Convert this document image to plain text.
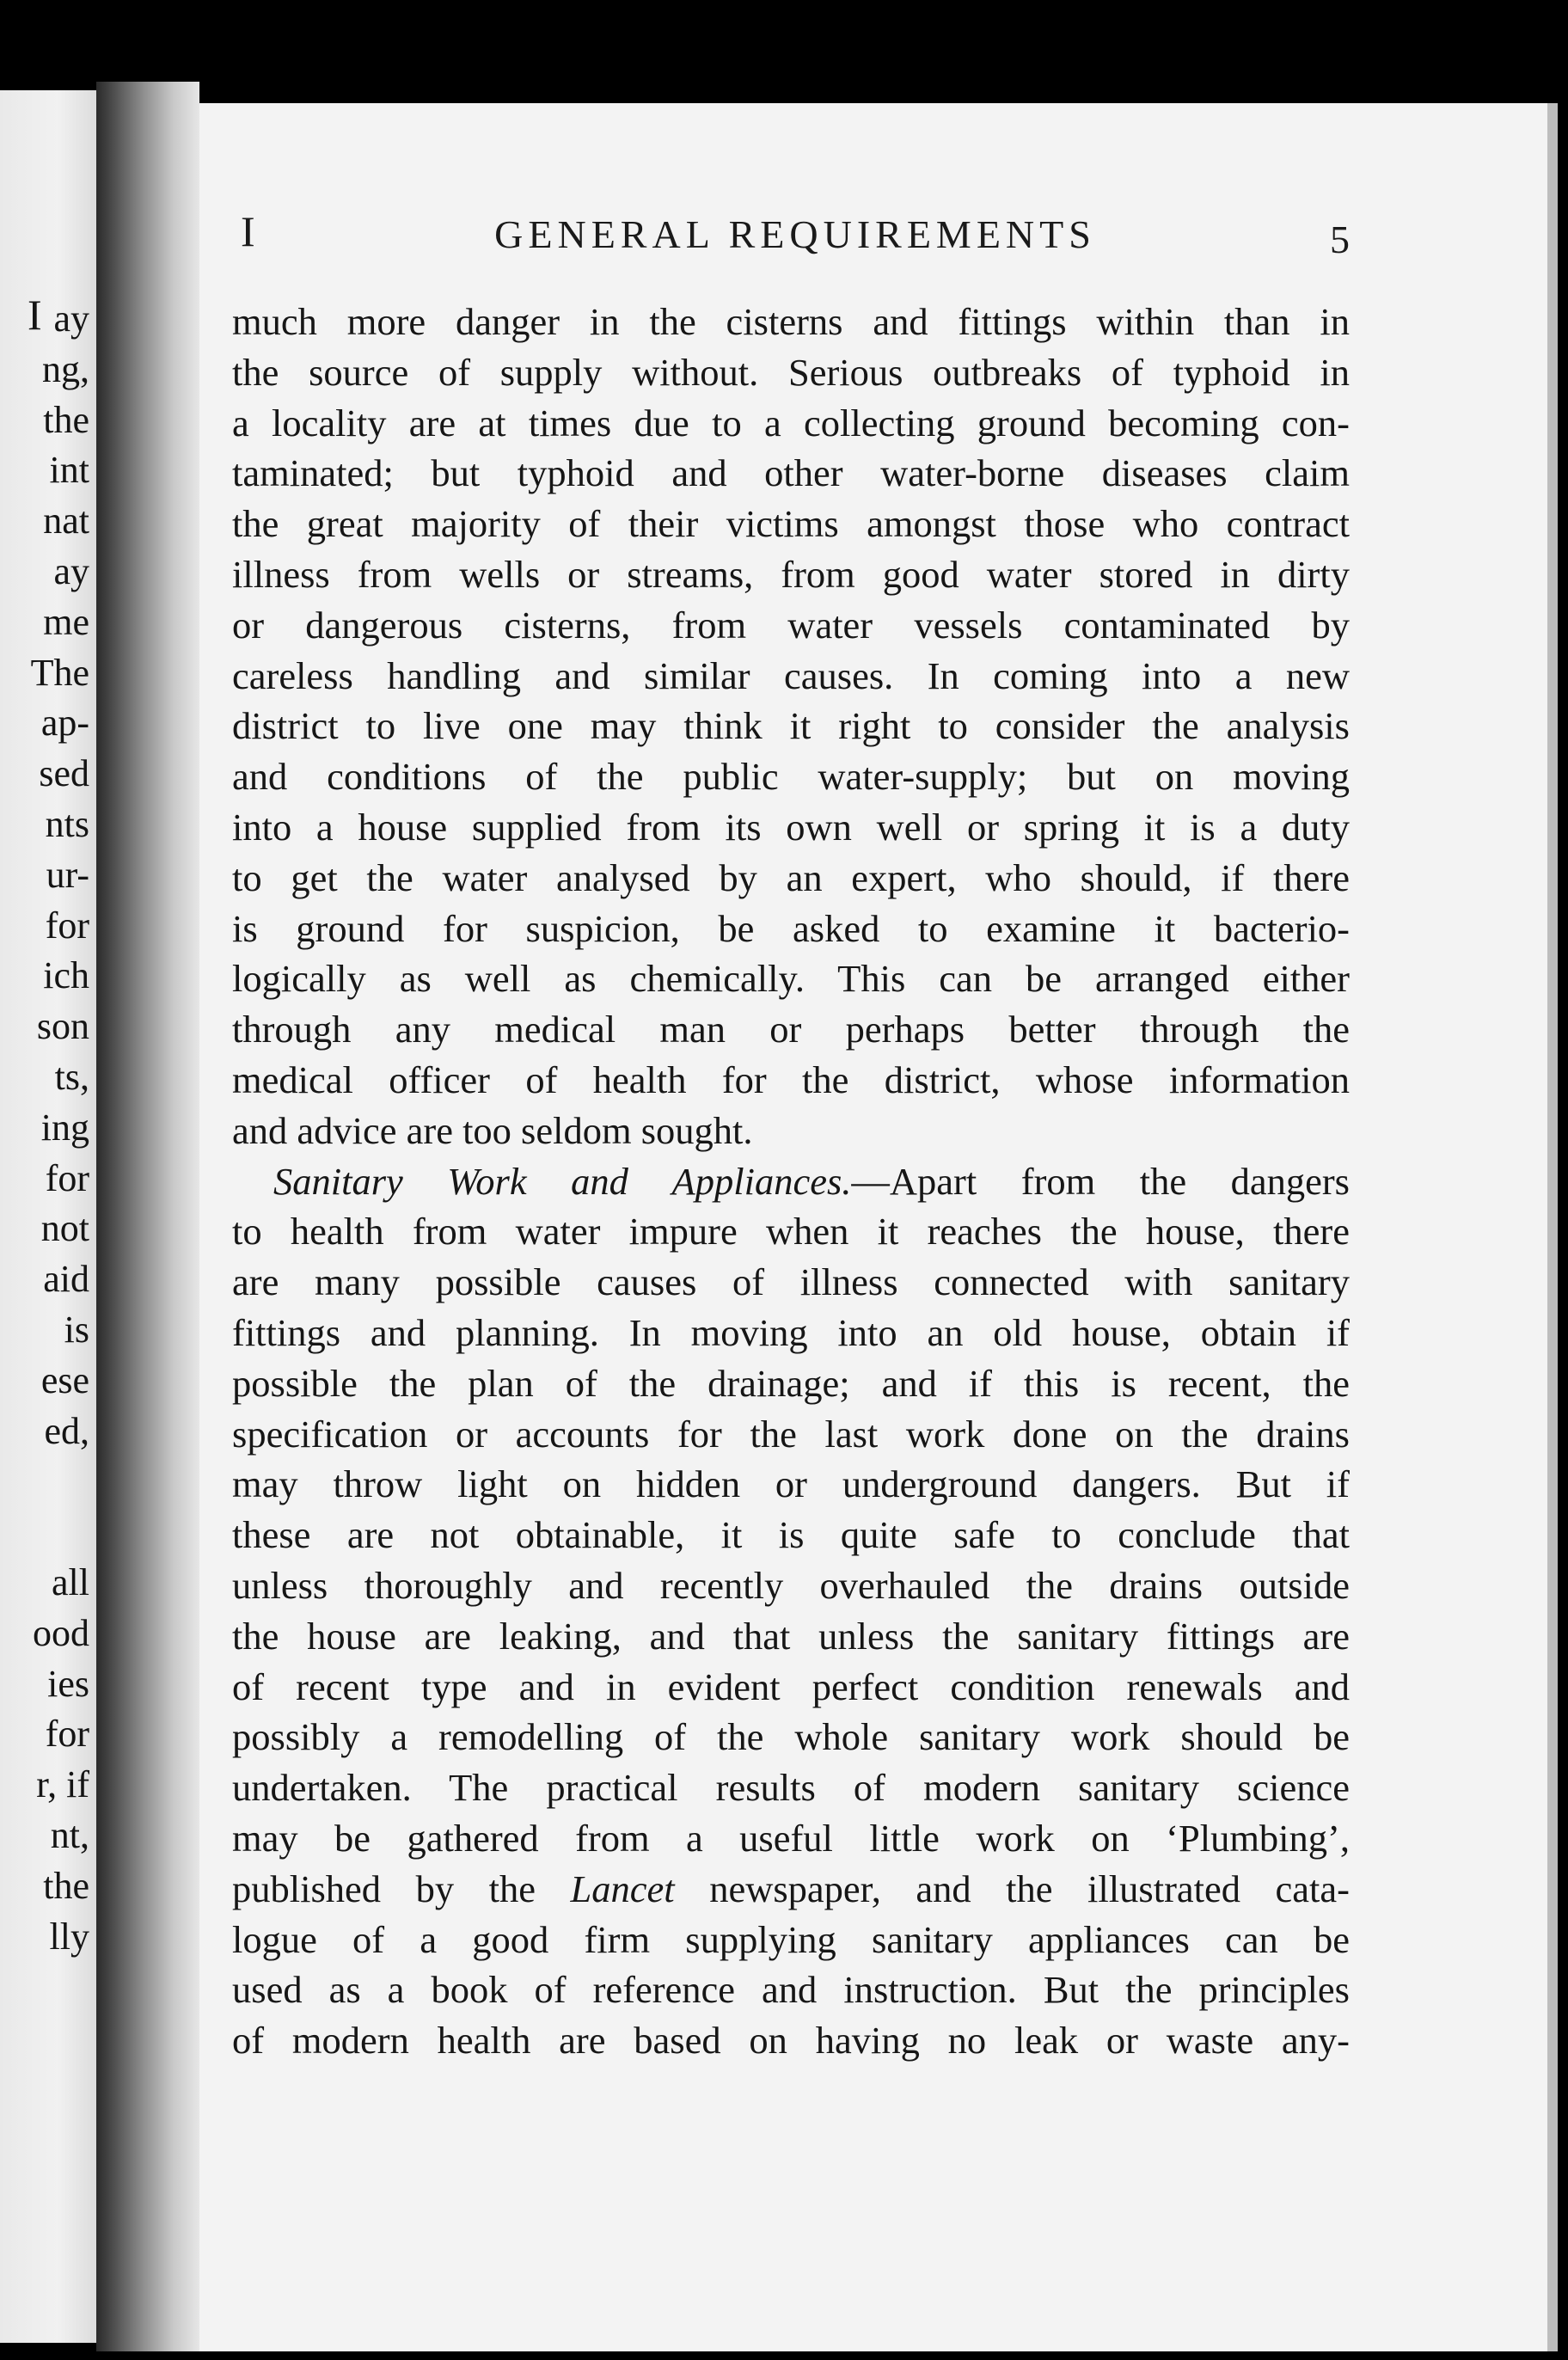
I ay
ng,
the
int
nat
ay
me
The
ap-
sed
nts
ur-
for
ich
son
ts,
ing
for
not
aid
is
ese
ed,
all
ood
ies
for
r, if
nt,
the
lly
I	GENERAL REQUIREMENTS	5
much more danger in the cisterns and fittings within than in
the source of supply without. Serious outbreaks of typhoid in
a locality are at times due to a collecting ground becoming con-
taminated; but typhoid and other water-borne diseases claim
the great majority of their victims amongst those who contract
illness from wells or streams, from good water stored in dirty
or dangerous cisterns, from water vessels contaminated by
careless handling and similar causes. In coming into a new
district to live one may think it right to consider the analysis
and conditions of the public water-supply; but on moving
into a house supplied from its own well or spring it is a duty
to get the water analysed by an expert, who should, if there
is ground for suspicion, be asked to examine it bacterio-
logically as well as chemically. This can be arranged either
through any medical man or perhaps better through the
medical officer of health for the district, whose information
and advice are too seldom sought.
Sanitary Work and Appliances.—Apart from the dangers
to health from water impure when it reaches the house, there
are many possible causes of illness connected with sanitary
fittings and planning. In moving into an old house, obtain if
possible the plan of the drainage; and if this is recent, the
specification or accounts for the last work done on the drains
may throw light on hidden or underground dangers. But if
these are not obtainable, it is quite safe to conclude that
unless thoroughly and recently overhauled the drains outside
the house are leaking, and that unless the sanitary fittings are
of recent type and in evident perfect condition renewals and
possibly a remodelling of the whole sanitary work should be
undertaken. The practical results of modern sanitary science
may be gathered from a useful little work on ‘Plumbing’,
published by the Lancet newspaper, and the illustrated cata-
logue of a good firm supplying sanitary appliances can be
used as a book of reference and instruction. But the principles
of modern health are based on having no leak or waste any-
